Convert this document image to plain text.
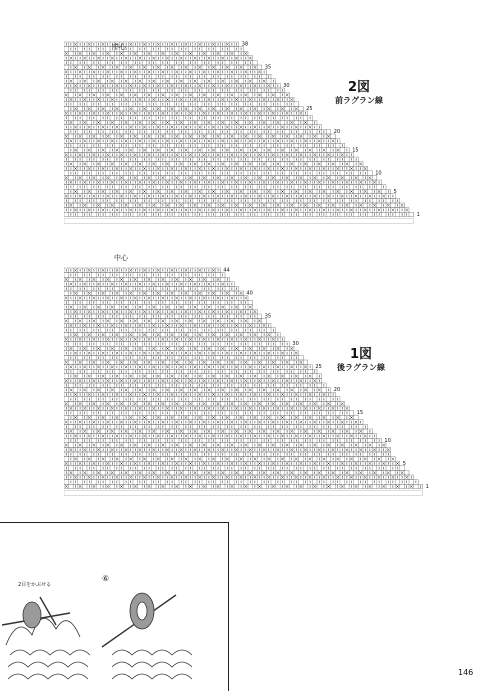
38
35
30
25
20
15
10
5
1
2図
前ラグラン線
中心
44
40
35
30
25
20
15
10
5
1
1図
後ラグラン線
中心
2目をかぶせる
⑥
146
